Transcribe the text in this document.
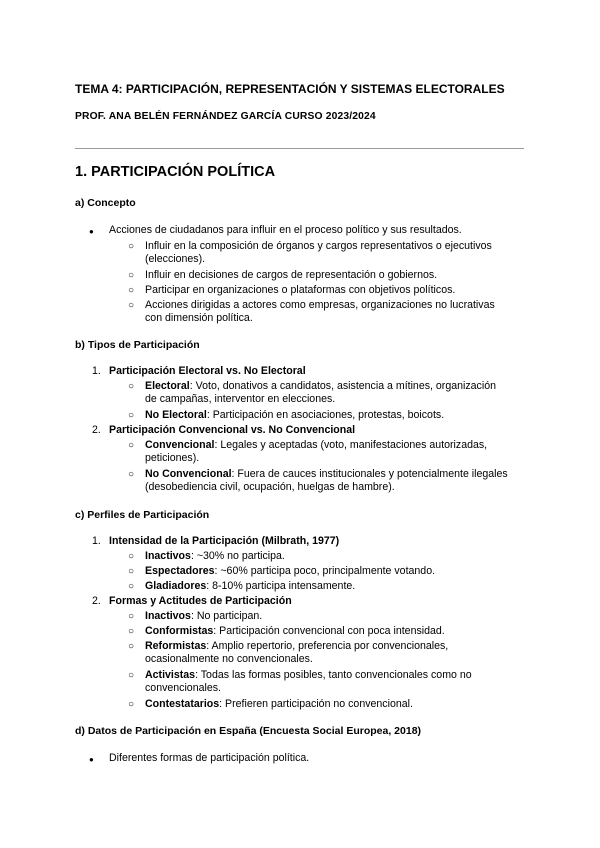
TEMA 4: PARTICIPACIÓN, REPRESENTACIÓN Y SISTEMAS ELECTORALES
PROF. ANA BELÉN FERNÁNDEZ GARCÍA CURSO 2023/2024
1. PARTICIPACIÓN POLÍTICA
a) Concepto
● Acciones de ciudadanos para influir en el proceso político y sus resultados.
○ Influir en la composición de órganos y cargos representativos o ejecutivos
(elecciones).
○ Influir en decisiones de cargos de representación o gobiernos.
○ Participar en organizaciones o plataformas con objetivos políticos.
○ Acciones dirigidas a actores como empresas, organizaciones no lucrativas
con dimensión política.
b) Tipos de Participación
1. Participación Electoral vs. No Electoral
○ Electoral: Voto, donativos a candidatos, asistencia a mítines, organización
de campañas, interventor en elecciones.
○ No Electoral: Participación en asociaciones, protestas, boicots.
2. Participación Convencional vs. No Convencional
○ Convencional: Legales y aceptadas (voto, manifestaciones autorizadas,
peticiones).
○ No Convencional: Fuera de cauces institucionales y potencialmente ilegales
(desobediencia civil, ocupación, huelgas de hambre).
c) Perfiles de Participación
1. Intensidad de la Participación (Milbrath, 1977)
○ Inactivos: ~30% no participa.
○ Espectadores: ~60% participa poco, principalmente votando.
○ Gladiadores: 8-10% participa intensamente.
2. Formas y Actitudes de Participación
○ Inactivos: No participan.
○ Conformistas: Participación convencional con poca intensidad.
○ Reformistas: Amplio repertorio, preferencia por convencionales,
ocasionalmente no convencionales.
○ Activistas: Todas las formas posibles, tanto convencionales como no
convencionales.
○ Contestatarios: Prefieren participación no convencional.
d) Datos de Participación en España (Encuesta Social Europea, 2018)
● Diferentes formas de participación política.
